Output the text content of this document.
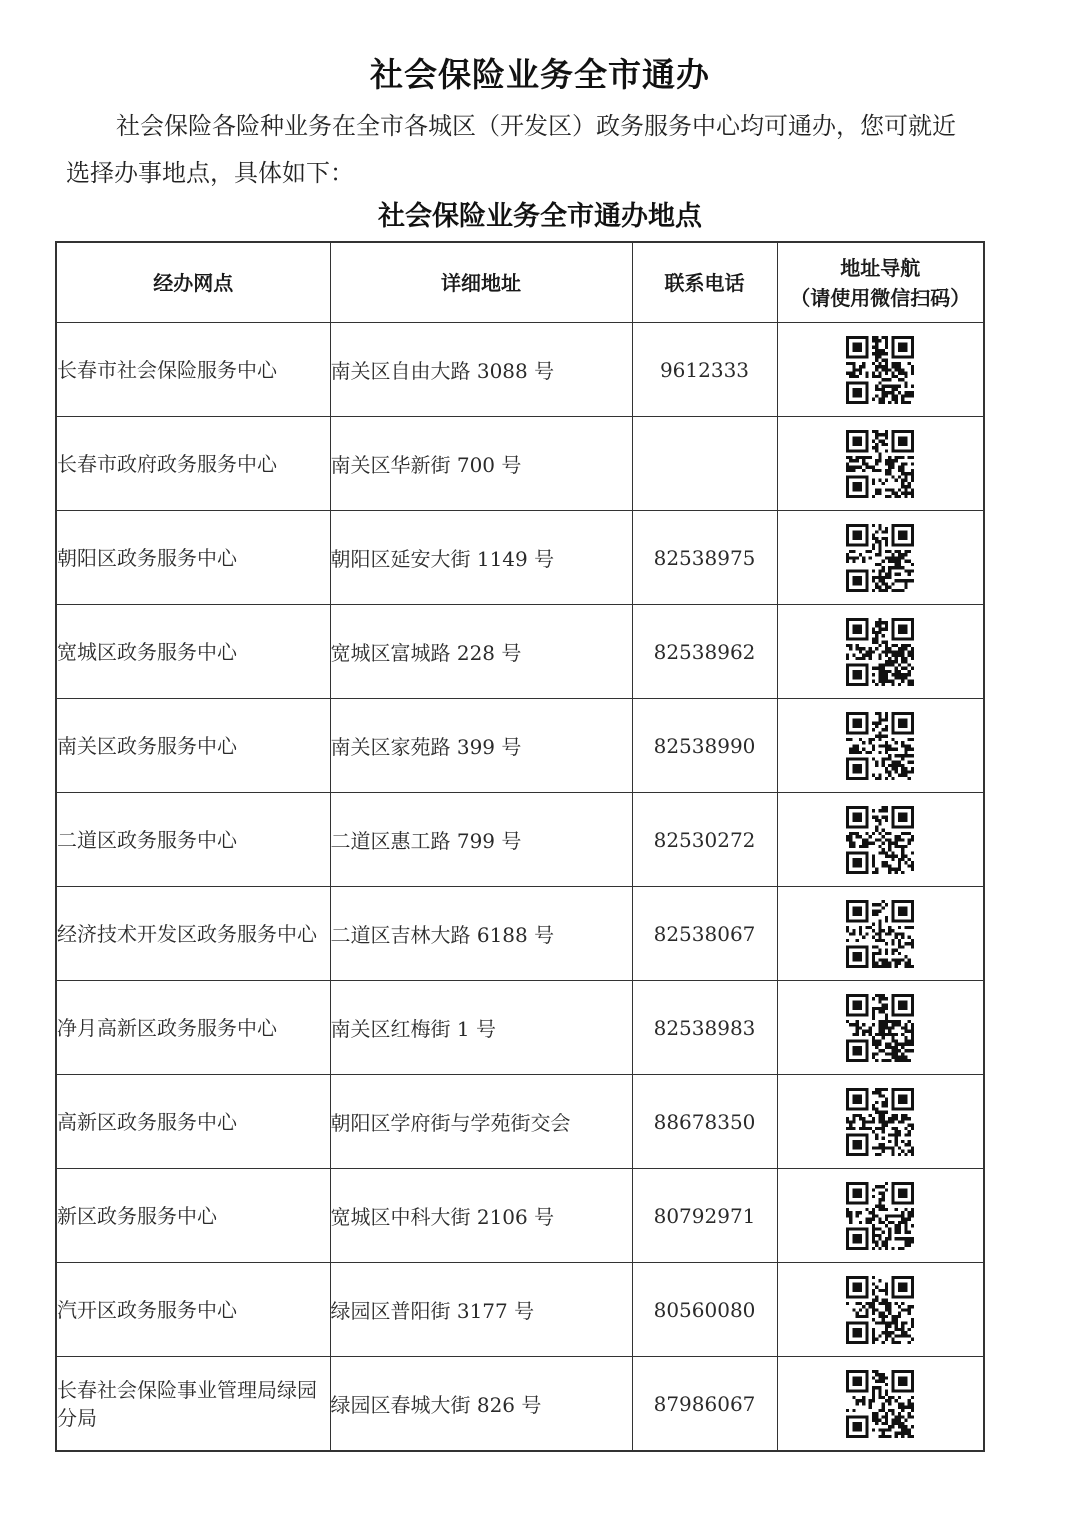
社会保险业务全市通办
社会保险各险种业务在全市各城区（开发区）政务服务中心均可通办，您可就近
选择办事地点，具体如下：
社会保险业务全市通办地点
经办网点	详细地址	联系电话	地址导航
（请使用微信扫码）
长春市社会保险服务中心	南关区自由大路 3088 号	9612333	
长春市政府政务服务中心	南关区华新街 700 号		
朝阳区政务服务中心	朝阳区延安大街 1149 号	82538975	
宽城区政务服务中心	宽城区富城路 228 号	82538962	
南关区政务服务中心	南关区家苑路 399 号	82538990	
二道区政务服务中心	二道区惠工路 799 号	82530272	
经济技术开发区政务服务中心	二道区吉林大路 6188 号	82538067	
净月高新区政务服务中心	南关区红梅街 1 号	82538983	
高新区政务服务中心	朝阳区学府街与学苑街交会	88678350	
新区政务服务中心	宽城区中科大街 2106 号	80792971	
汽开区政务服务中心	绿园区普阳街 3177 号	80560080	
长春社会保险事业管理局绿园分局	绿园区春城大街 826 号	87986067	
